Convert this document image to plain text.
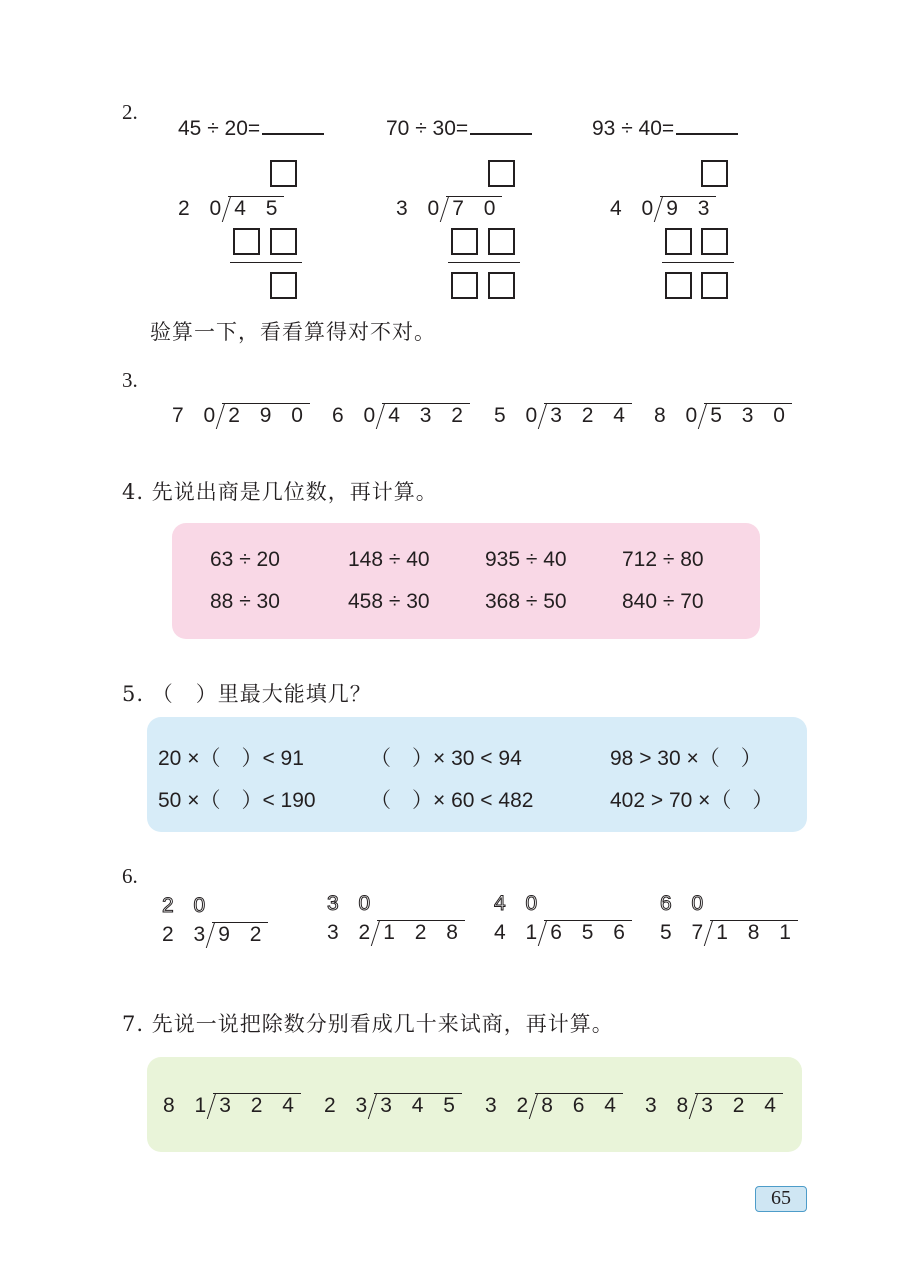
2.
45 ÷ 20=	70 ÷ 30=	93 ÷ 40=
2 0 4 5	3 0 7 0	4 0 9 3
验算一下，看看算得对不对。
3.
7 0 2 9 0 6 0 4 3 2 5 0 3 2 4 8 0 5 3 0
4. 先说出商是几位数，再计算。
63 ÷ 20	148 ÷ 40	935 ÷ 40	712 ÷ 80
88 ÷ 30	458 ÷ 30	368 ÷ 50	840 ÷ 70
5. （　）里最大能填几？
20 ×（　）< 91	（　）× 30 < 94	98 > 30 ×（　）
50 ×（　）< 190	（　）× 60 < 482	402 > 70 ×（　）
6.
2 0
2 3 9 2
3 0
3 2 1 2 8
4 0
4 1 6 5 6
6 0
5 7 1 8 1
7. 先说一说把除数分别看成几十来试商，再计算。
8 1 3 2 4 2 3 3 4 5 3 2 8 6 4 3 8 3 2 4
65
